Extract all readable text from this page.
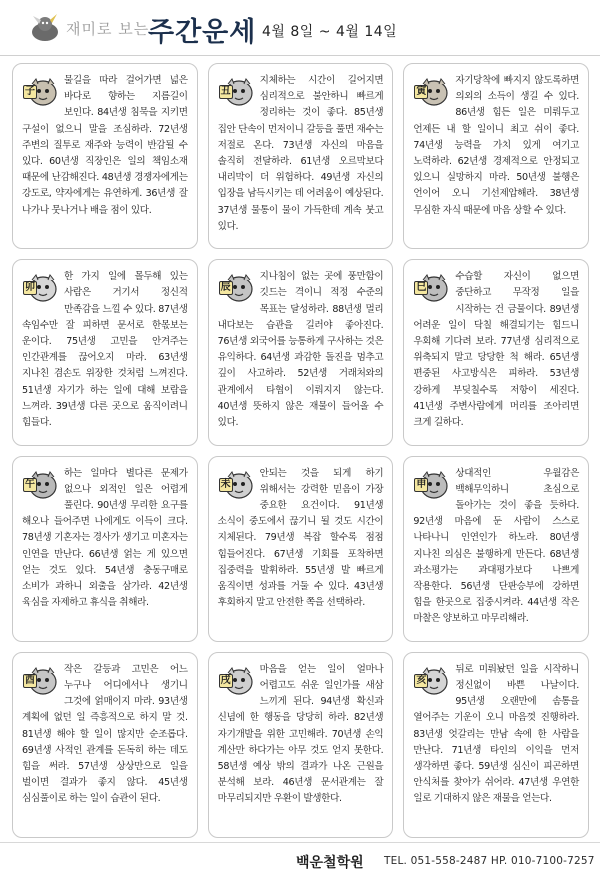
재미로 보는
주간운세 4월 8일 ~ 4월 14일
子
물길을 따라 걸어가면 넓은 바다로 향하는 지름길이 보인다. 84년생 침묵을 지키면 구설이 없으니 말을 조심하라. 72년생 주변의 질투로 재주와 능력이 반감될 수 있다. 60년생 직장인은 일의 책임소재 때문에 난감해진다. 48년생 경쟁자에게는 강도로, 약자에게는 유연하게. 36년생 잘 나가나 뭇나거나 배을 점이 있다.
丑
지체하는 시간이 길어지면 심리적으로 불안하니 빠르게 정리하는 것이 좋다. 85년생 집안 단속이 먼저이니 갈등을 풀면 재수는 저절로 온다. 73년생 자신의 마음을 솔직히 전달하라. 61년생 오르막보다 내리막이 더 위험하다. 49년생 자신의 입장을 남득시키는 데 어려움이 예상된다. 37년생 물통이 물이 가득한데 계속 붓고 있다.
寅
자기당착에 빠지지 않도록하면 의외의 소득이 생길 수 있다. 86년생 힘든 일은 미뤄두고 언제든 내 할 일이니 최고 쉬이 좋다. 74년생 능력을 가치 있게 여기고 노력하라. 62년생 경제적으로 안정되고 있으니 실망하지 마라. 50년생 불행은 언이어 오니 기선제압해라. 38년생 무심한 자식 때문에 마음 상할 수 있다.
卯
한 가지 일에 몰두해 있는 사람은 거기서 정신적 만족감을 느낄 수 있다. 87년생 속임수만 잘 피하면 문서로 한몫보는 운이다. 75년생 고민을 안겨주는 인간관계를 끊어오지 마라. 63년생 지나친 겸손도 위장한 것처럼 느껴진다. 51년생 자기가 하는 일에 대해 보람을 느껴라. 39년생 다른 곳으로 움직이려니 힘들다.
辰
지나침이 없는 곳에 풍만함이 깃드는 격이니 적정 수준의 목표는 달성하라. 88년생 멀리 내다보는 습관을 길러야 좋아진다. 76년생 외국어를 능통하게 구사하는 것은 유익하다. 64년생 과감한 돌진을 멈추고 깊이 사고하라. 52년생 거래처와의 관계에서 타협이 이뤄지지 않는다. 40년생 뜻하지 않은 재물이 들어올 수 있다.
巳
수습할 자신이 없으면 중단하고 무작정 일을 시작하는 건 금물이다. 89년생 어려운 일이 닥칠 해결되기는 힘드니 우회해 기다려 보라. 77년생 심리적으로 위축되지 말고 당당한 척 해라. 65년생 편중된 사고방식은 피하라. 53년생 강하게 부딪칠수록 저항이 세진다. 41년생 주변사람에게 머리를 조아리면 크게 길하다.
午
하는 일마다 별다른 문제가 없으나 외적인 일은 어렵게 풀린다. 90년생 무리한 요구를 해오나 들어주면 나에게도 이득이 크다. 78년생 기혼자는 경사가 생기고 미혼자는 인연을 만난다. 66년생 얽는 게 있으면 얻는 것도 있다. 54년생 충동구매로 소비가 과하니 외출을 삼가라. 42년생 육심을 자제하고 휴식을 취해라.
未
안되는 것을 되게 하기 위해서는 강력한 믿음이 가장 중요한 요건이다. 91년생 소식이 중도에서 끊기니 될 것도 시간이 지체된다. 79년생 복잡 할수록 점점 힘들어진다. 67년생 기회를 포착하면 집중력을 발휘하라. 55년생 발 빠르게 움직이면 성과를 거둘 수 있다. 43년생 후회하지 말고 안전한 쪽을 선택하라.
申
상대적인 우월감은 백해무익하니 초심으로 돌아가는 것이 좋을 듯하다. 92년생 마음에 둔 사람이 스스로 나타나니 인연인가 하노라. 80년생 지나친 의심은 불행하게 만든다. 68년생 과소평가는 과대평가보다 나쁘게 작용한다. 56년생 단판승부에 강하면 힘을 한곳으로 집중시켜라. 44년생 작은 마찰은 양보하고 마무리해라.
酉
작은 갈등과 고민은 어느 누구나 어디에서나 생기니 그것에 얽매이지 마라. 93년생 계획에 없던 일 즉흥적으로 하지 말 것. 81년생 해야 할 일이 많지만 순조롭다. 69년생 사적인 관계를 돈독히 하는 데도 힘을 써라. 57년생 상상만으로 일을 벌이면 결과가 좋지 않다. 45년생 심심풀이로 하는 일이 습관이 된다.
戌
마음을 얻는 일이 얼마나 어렵고도 쉬운 일인가를 새삼 느끼게 된다. 94년생 확신과 신념에 한 행동을 당당히 하라. 82년생 자기개발을 위한 고민해라. 70년생 손익 계산만 하다가는 아무 것도 얻지 못한다. 58년생 예상 밖의 결과가 나온 근원을 분석해 보라. 46년생 문서관계는 잘 마무리되지만 우환이 발생한다.
亥
뒤로 미뤄놨던 일을 시작하니 정신없이 바쁜 나날이다. 95년생 오랜만에 솜통을 열어주는 기운이 오니 마음껏 진행하라. 83년생 엇갈리는 만남 속에 한 사람을 만난다. 71년생 타인의 이익을 먼저 생각하면 좋다. 59년생 심신이 피곤하면 안식처를 찾아가 쉬어라. 47년생 우연한 일로 기대하지 않은 재물을 얻는다.
백운철학원 TEL. 051-558-2487 HP. 010-7100-7257
